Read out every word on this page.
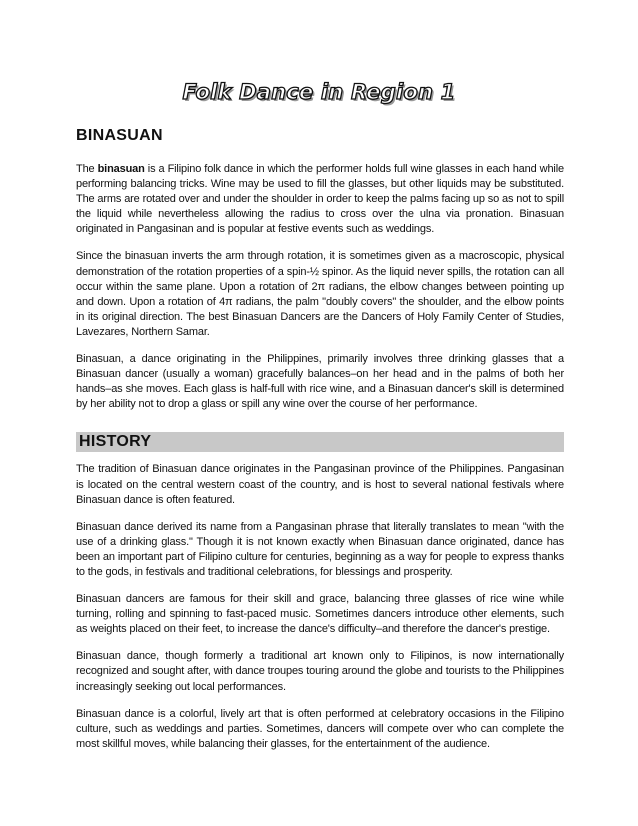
Folk Dance in Region 1
BINASUAN

The binasuan is a Filipino folk dance in which the performer holds full wine glasses in each hand while performing balancing tricks. Wine may be used to fill the glasses, but other liquids may be substituted. The arms are rotated over and under the shoulder in order to keep the palms facing up so as not to spill the liquid while nevertheless allowing the radius to cross over the ulna via pronation. Binasuan originated in Pangasinan and is popular at festive events such as weddings.

Since the binasuan inverts the arm through rotation, it is sometimes given as a macroscopic, physical demonstration of the rotation properties of a spin-½ spinor. As the liquid never spills, the rotation can all occur within the same plane. Upon a rotation of 2π radians, the elbow changes between pointing up and down. Upon a rotation of 4π radians, the palm "doubly covers" the shoulder, and the elbow points in its original direction. The best Binasuan Dancers are the Dancers of Holy Family Center of Studies, Lavezares, Northern Samar.

Binasuan, a dance originating in the Philippines, primarily involves three drinking glasses that a Binasuan dancer (usually a woman) gracefully balances–on her head and in the palms of both her hands–as she moves. Each glass is half-full with rice wine, and a Binasuan dancer's skill is determined by her ability not to drop a glass or spill any wine over the course of her performance.

HISTORY

The tradition of Binasuan dance originates in the Pangasinan province of the Philippines. Pangasinan is located on the central western coast of the country, and is host to several national festivals where Binasuan dance is often featured.

Binasuan dance derived its name from a Pangasinan phrase that literally translates to mean "with the use of a drinking glass." Though it is not known exactly when Binasuan dance originated, dance has been an important part of Filipino culture for centuries, beginning as a way for people to express thanks to the gods, in festivals and traditional celebrations, for blessings and prosperity.

Binasuan dancers are famous for their skill and grace, balancing three glasses of rice wine while turning, rolling and spinning to fast-paced music. Sometimes dancers introduce other elements, such as weights placed on their feet, to increase the dance's difficulty–and therefore the dancer's prestige.

Binasuan dance, though formerly a traditional art known only to Filipinos, is now internationally recognized and sought after, with dance troupes touring around the globe and tourists to the Philippines increasingly seeking out local performances.

Binasuan dance is a colorful, lively art that is often performed at celebratory occasions in the Filipino culture, such as weddings and parties. Sometimes, dancers will compete over who can complete the most skillful moves, while balancing their glasses, for the entertainment of the audience.
